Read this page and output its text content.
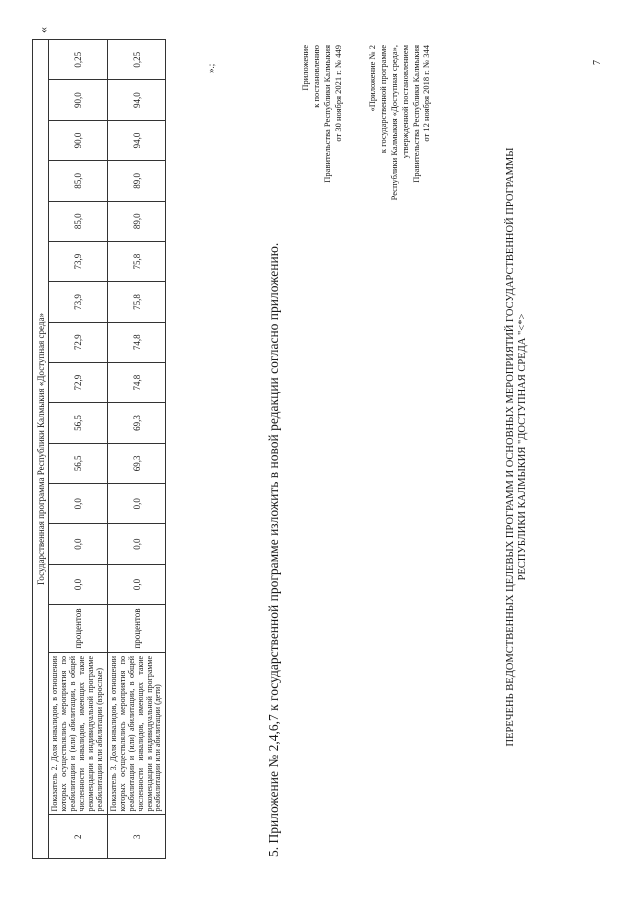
«
Государственная программа Республики Калмыкия «Доступная среда»																
2	Показатель 2. Доля инвалидов, в отношении которых осуществлялись мероприятия по реабилитации и (или) абилитации, в общей численности инвалидов, имеющих такие рекомендации в индивидуальной программе реабилитации или абилитации (взрослые)	процентов	0,0	0,0	0,0	56,5	56,5	72,9	72,9	73,9	73,9	85,0	85,0	90,0	90,0	0,25
3	Показатель 3. Доля инвалидов, в отношении которых осуществлялись мероприятия по реабилитации и (или) абилитации, в общей численности инвалидов, имеющих такие рекомендации в индивидуальной программе реабилитации или абилитации (дети)	процентов	0,0	0,0	0,0	69,3	69,3	74,8	74,8	75,8	75,8	89,0	89,0	94,0	94,0	0,25
».;
5. Приложение № 2,4,6,7 к государственной программе изложить в новой редакции согласно приложению.
Приложение к постановлению Правительства Республики Калмыкия от 30 ноября 2021 г. № 449	«Приложение № 2 к государственной программе Республики Калмыкия «Доступная среда», утвержденной постановлением Правительства Республики Калмыкия от 12 ноября 2018 г. № 344
ПЕРЕЧЕНЬ ВЕДОМСТВЕННЫХ ЦЕЛЕВЫХ ПРОГРАММ И ОСНОВНЫХ МЕРОПРИЯТИЙ ГОСУДАРСТВЕННОЙ ПРОГРАММЫ РЕСПУБЛИКИ КАЛМЫКИЯ "ДОСТУПНАЯ СРЕДА "<*>
7
